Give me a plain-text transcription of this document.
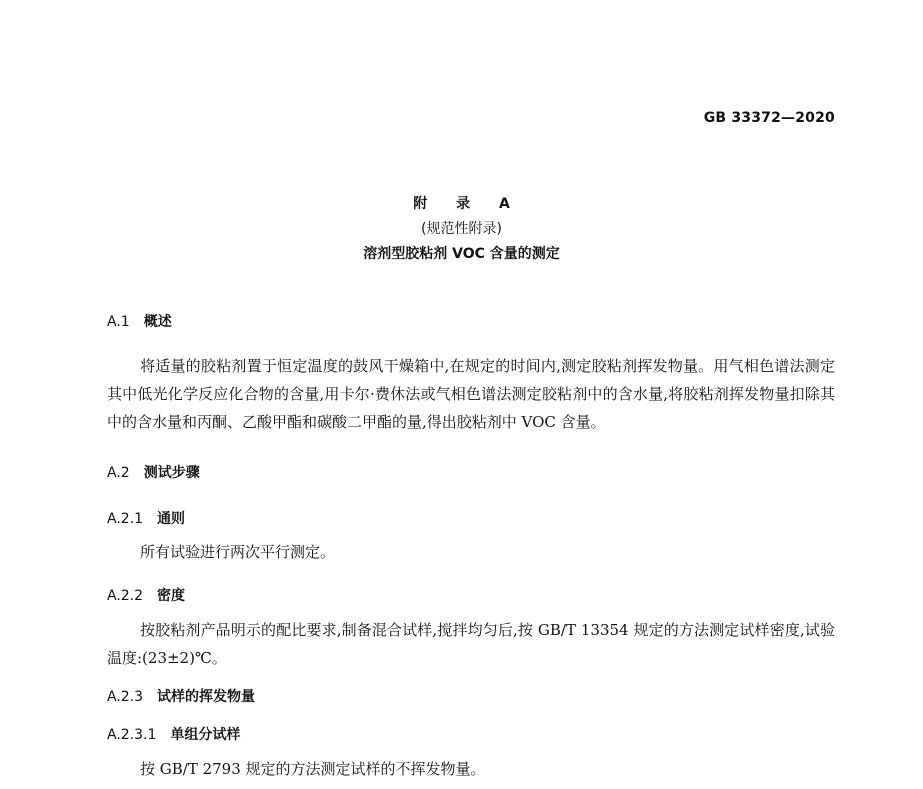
GB 33372—2020
附 录 A
(规范性附录)
溶剂型胶粘剂 VOC 含量的测定
A.1 概述

将适量的胶粘剂置于恒定温度的鼓风干燥箱中,在规定的时间内,测定胶粘剂挥发物量。用气相色谱法测定其中低光化学反应化合物的含量,用卡尔·费休法或气相色谱法测定胶粘剂中的含水量,将胶粘剂挥发物量扣除其中的含水量和丙酮、乙酸甲酯和碳酸二甲酯的量,得出胶粘剂中 VOC 含量。

A.2 测试步骤
A.2.1 通则

所有试验进行两次平行测定。

A.2.2 密度

按胶粘剂产品明示的配比要求,制备混合试样,搅拌均匀后,按 GB/T 13354 规定的方法测定试样密度,试验温度:(23±2)℃。

A.2.3 试样的挥发物量
A.2.3.1 单组分试样

按 GB/T 2793 规定的方法测定试样的不挥发物量。
